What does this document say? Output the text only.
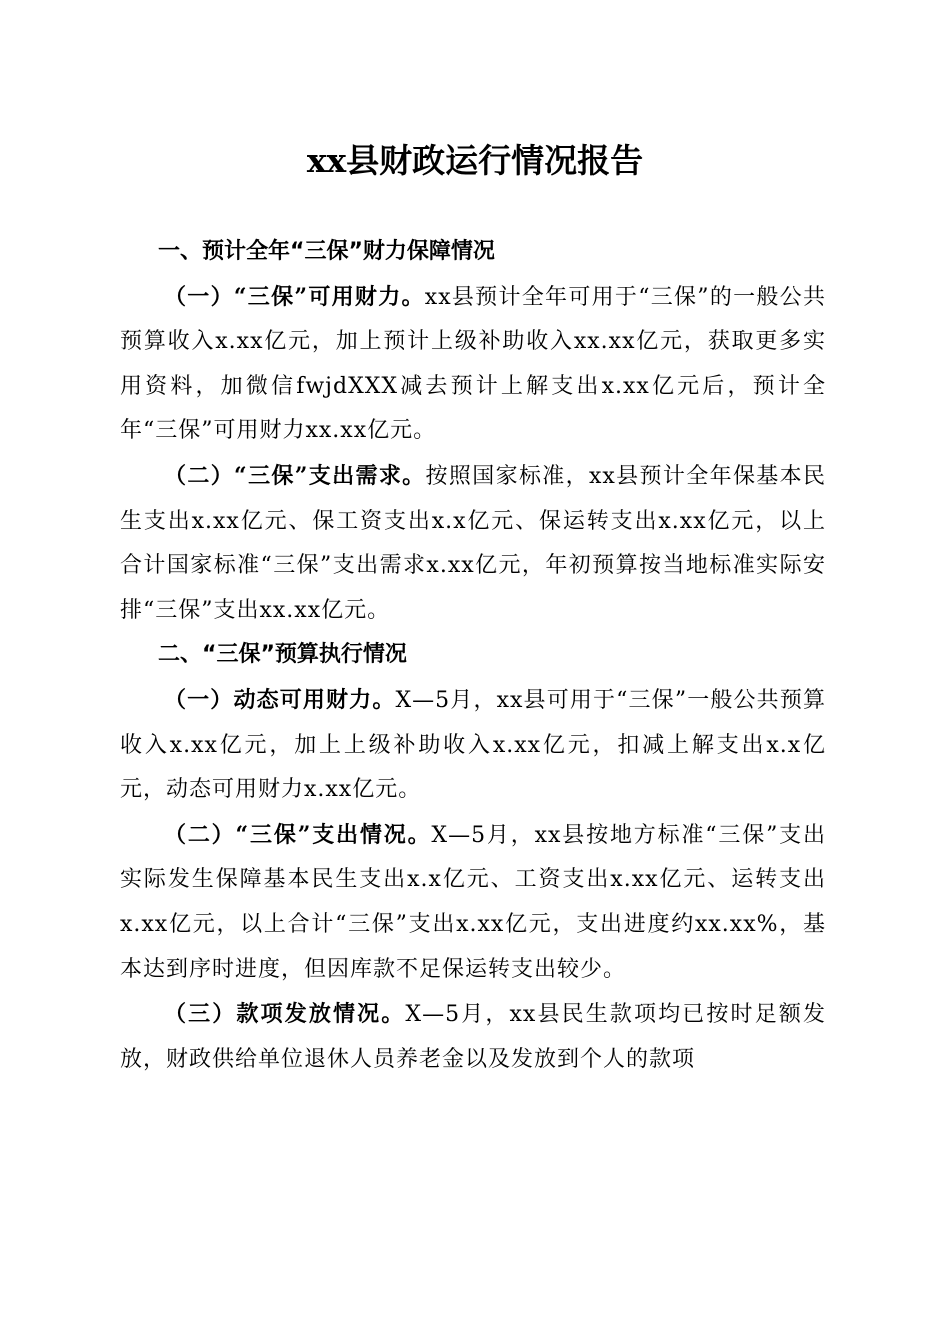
xx县财政运行情况报告
一、预计全年“三保”财力保障情况

（一）“三保”可用财力。xx县预计全年可用于“三保”的一般公共预算收入x.xx亿元，加上预计上级补助收入xx.xx亿元，获取更多实用资料，加微信fwjdXXX减去预计上解支出x.xx亿元后，预计全年“三保”可用财力xx.xx亿元。

（二）“三保”支出需求。按照国家标准，xx县预计全年保基本民生支出x.xx亿元、保工资支出x.x亿元、保运转支出x.xx亿元，以上合计国家标准“三保”支出需求x.xx亿元，年初预算按当地标准实际安排“三保”支出xx.xx亿元。

二、“三保”预算执行情况

（一）动态可用财力。X—5月，xx县可用于“三保”一般公共预算收入x.xx亿元，加上上级补助收入x.xx亿元，扣减上解支出x.x亿元，动态可用财力x.xx亿元。

（二）“三保”支出情况。X—5月，xx县按地方标准“三保”支出实际发生保障基本民生支出x.x亿元、工资支出x.xx亿元、运转支出x.xx亿元，以上合计“三保”支出x.xx亿元，支出进度约xx.xx%，基本达到序时进度，但因库款不足保运转支出较少。

（三）款项发放情况。X—5月，xx县民生款项均已按时足额发放，财政供给单位退休人员养老金以及发放到个人的款项
